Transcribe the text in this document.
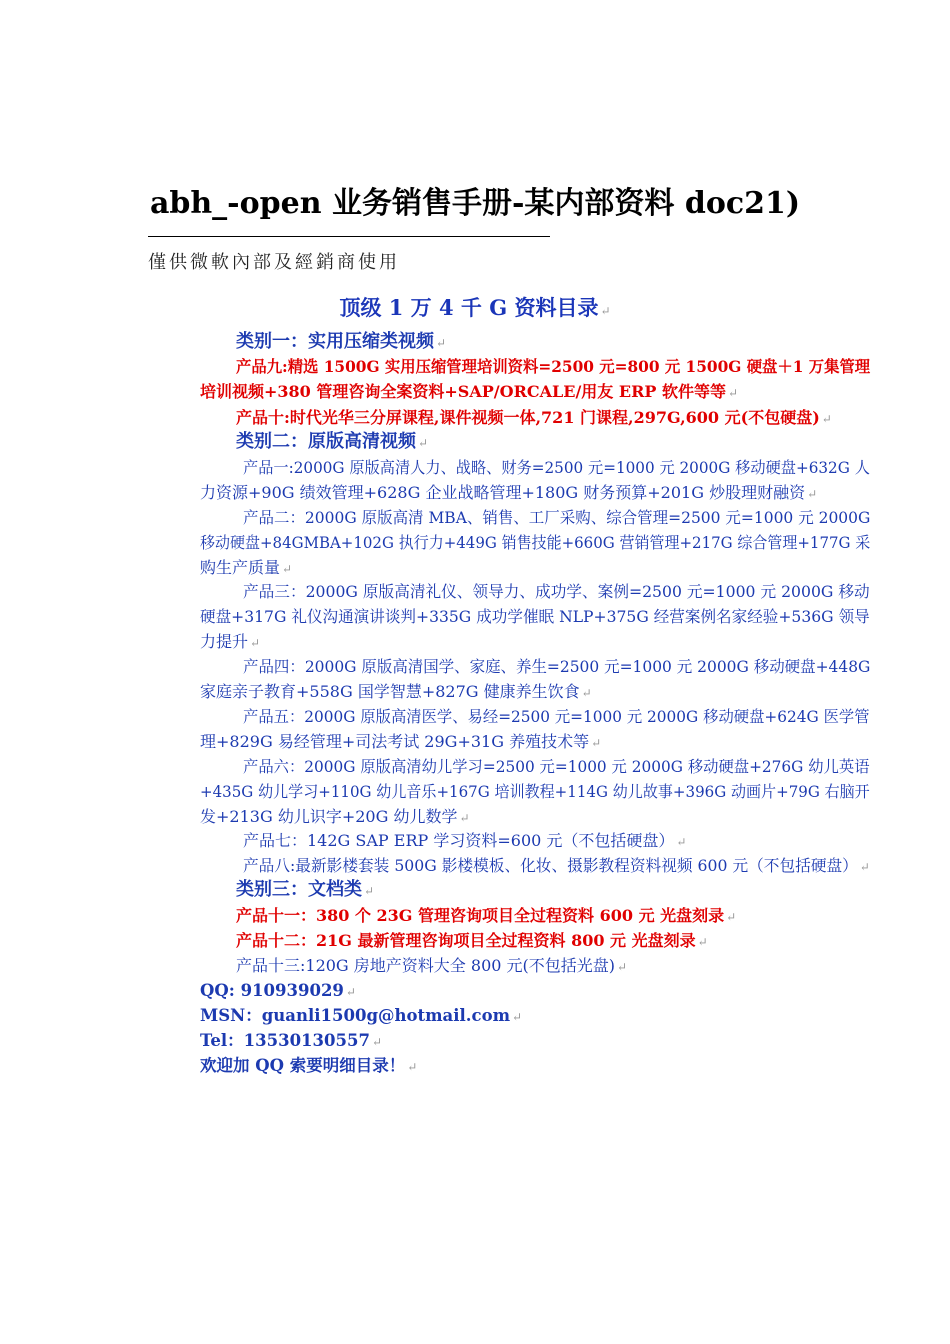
abh_-open 业务销售手册-某内部资料 doc21)
僅供微軟內部及經銷商使用
顶级 1 万 4 千 G 资料目录 ↵
类别一：实用压缩类视频 ↵
产品九:精选 1500G 实用压缩管理培训资料=2500 元=800 元 1500G 硬盘＋1 万集管理
培训视频+380 管理咨询全案资料+SAP/ORCALE/用友 ERP 软件等等 ↵
产品十:时代光华三分屏课程,课件视频一体,721 门课程,297G,600 元(不包硬盘) ↵
类别二：原版高清视频 ↵
产品一:2000G 原版高清人力、战略、财务=2500 元=1000 元 2000G 移动硬盘+632G 人
力资源+90G 绩效管理+628G 企业战略管理+180G 财务预算+201G 炒股理财融资 ↵
产品二：2000G 原版高清 MBA、销售、工厂采购、综合管理=2500 元=1000 元 2000G
移动硬盘+84GMBA+102G 执行力+449G 销售技能+660G 营销管理+217G 综合管理+177G 采
购生产质量 ↵
产品三：2000G 原版高清礼仪、领导力、成功学、案例=2500 元=1000 元 2000G 移动
硬盘+317G 礼仪沟通演讲谈判+335G 成功学催眠 NLP+375G 经营案例名家经验+536G 领导
力提升 ↵
产品四：2000G 原版高清国学、家庭、养生=2500 元=1000 元 2000G 移动硬盘+448G
家庭亲子教育+558G 国学智慧+827G 健康养生饮食 ↵
产品五：2000G 原版高清医学、易经=2500 元=1000 元 2000G 移动硬盘+624G 医学管
理+829G 易经管理+司法考试 29G+31G 养殖技术等 ↵
产品六：2000G 原版高清幼儿学习=2500 元=1000 元 2000G 移动硬盘+276G 幼儿英语
+435G 幼儿学习+110G 幼儿音乐+167G 培训教程+114G 幼儿故事+396G 动画片+79G 右脑开
发+213G 幼儿识字+20G 幼儿数学 ↵
产品七：142G SAP ERP 学习资料=600 元（不包括硬盘） ↵
产品八:最新影楼套装 500G 影楼模板、化妆、摄影教程资料视频 600 元（不包括硬盘） ↵
类别三：文档类 ↵
产品十一：380 个 23G 管理咨询项目全过程资料 600 元 光盘刻录 ↵
产品十二：21G 最新管理咨询项目全过程资料 800 元 光盘刻录 ↵
产品十三:120G 房地产资料大全 800 元(不包括光盘) ↵
QQ: 910939029 ↵
MSN：guanli1500g@hotmail.com ↵
Tel：13530130557 ↵
欢迎加 QQ 索要明细目录！ ↵
